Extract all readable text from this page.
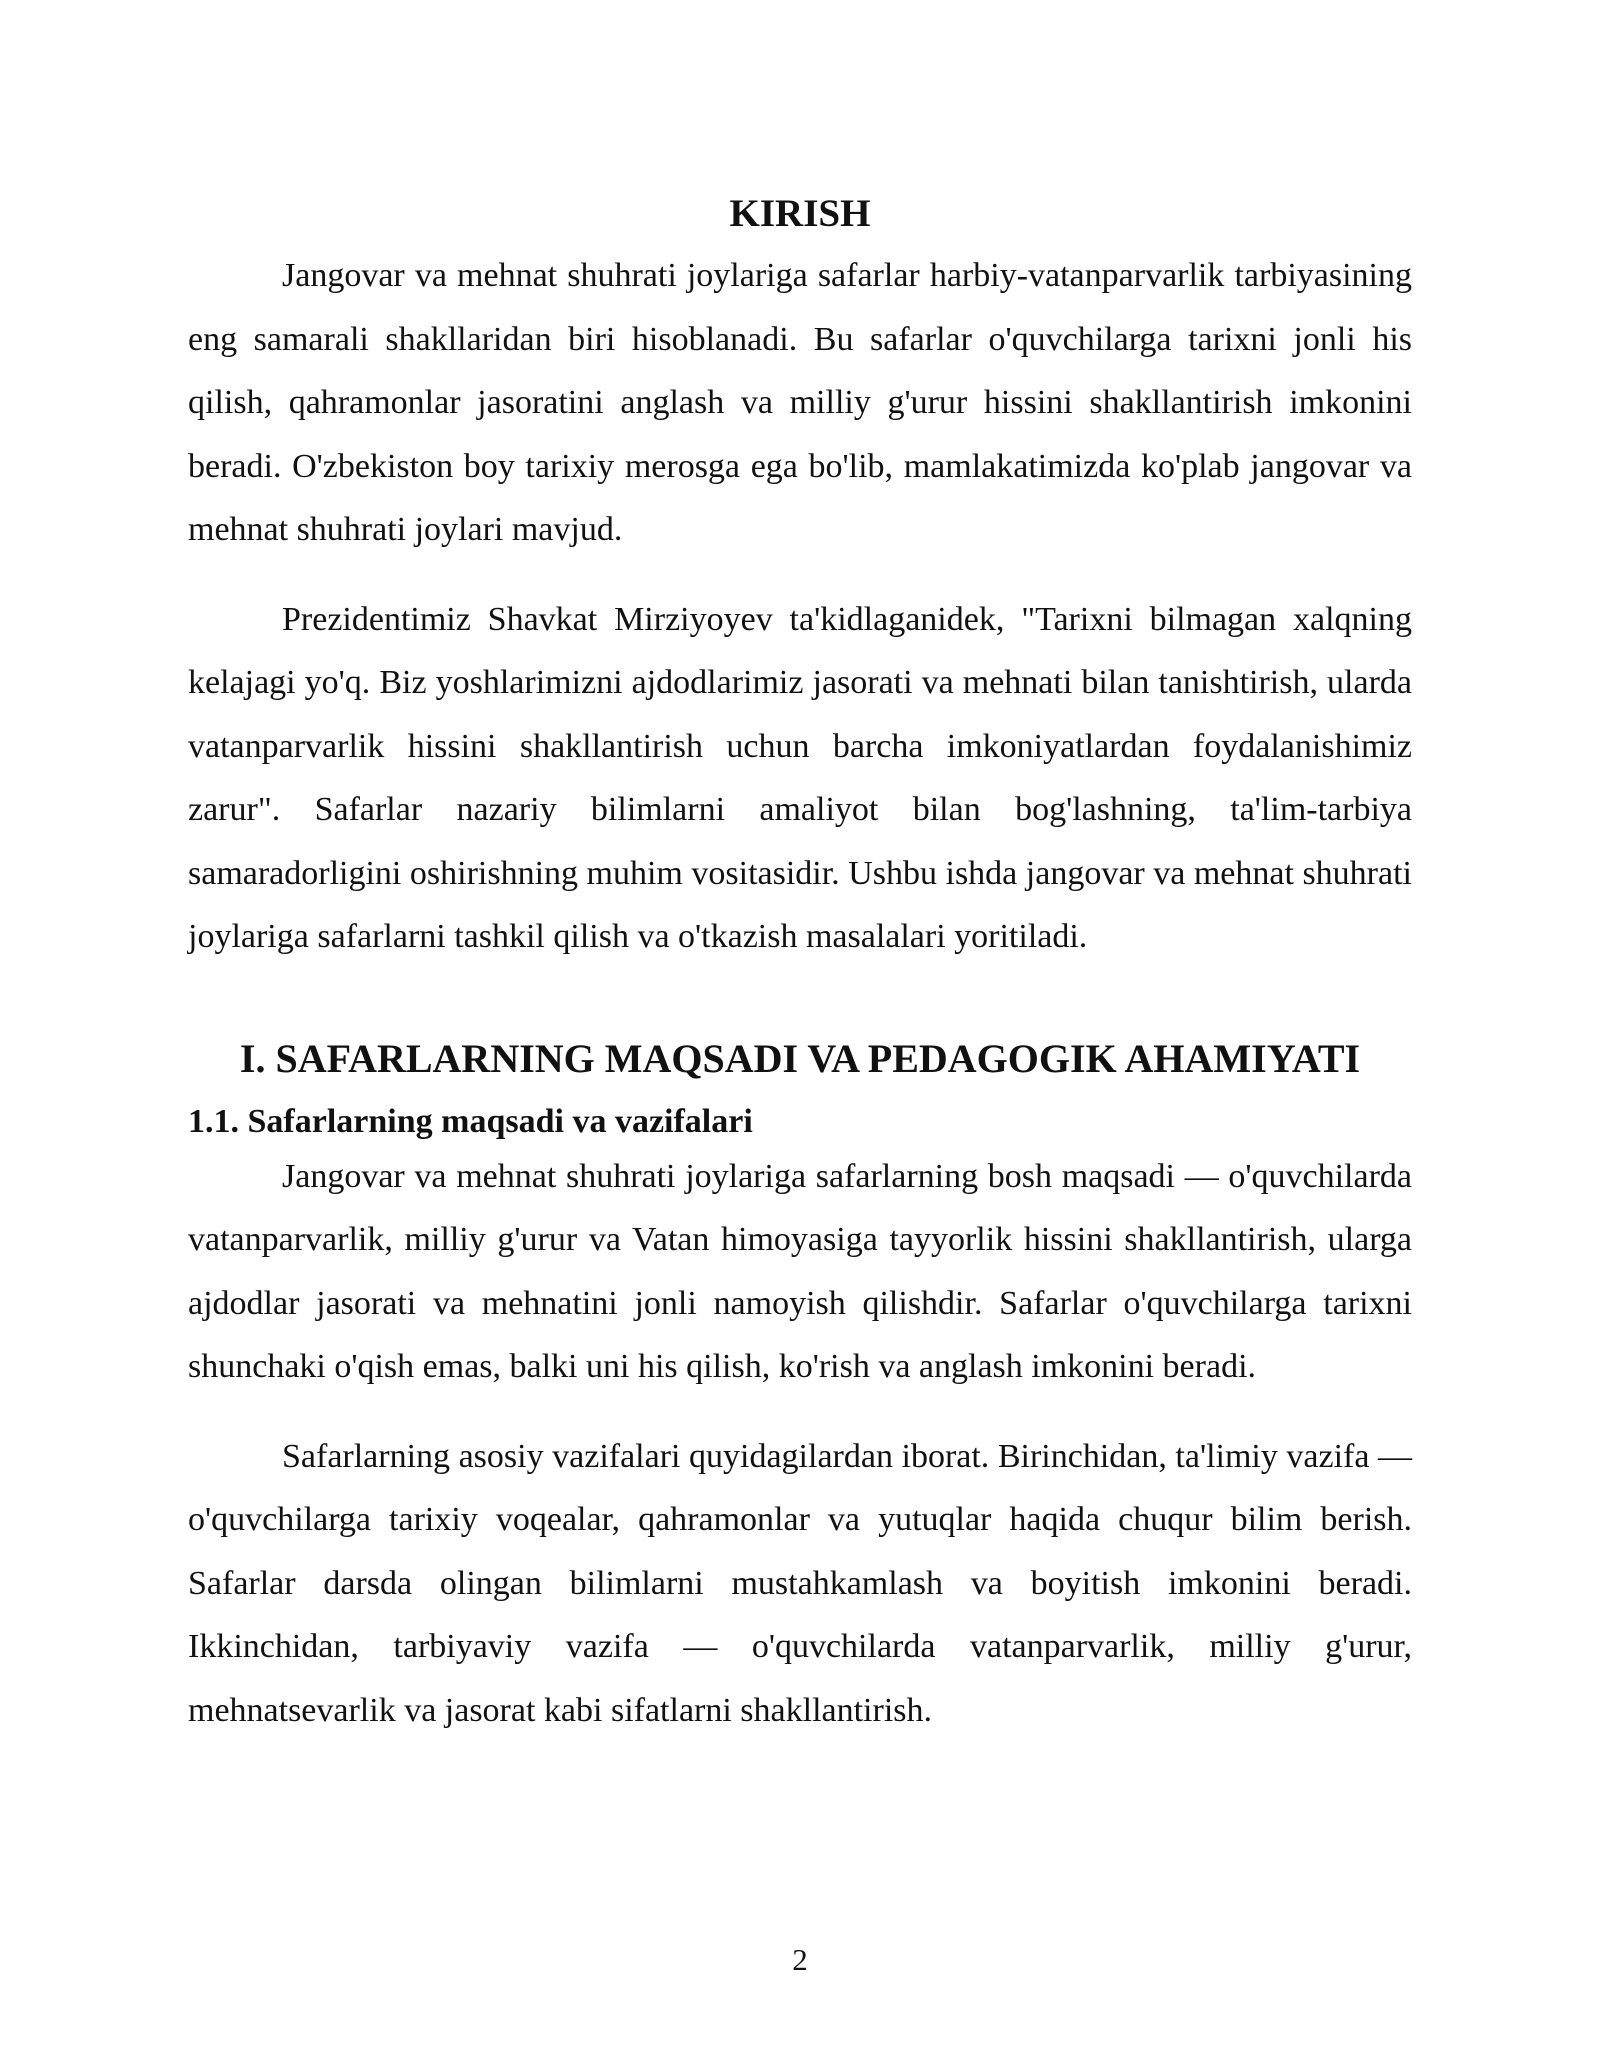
KIRISH

Jangovar va mehnat shuhrati joylariga safarlar harbiy-vatanparvarlik tarbiyasining eng samarali shakllaridan biri hisoblanadi. Bu safarlar o'quvchilarga tarixni jonli his qilish, qahramonlar jasoratini anglash va milliy g'urur hissini shakllantirish imkonini beradi. O'zbekiston boy tarixiy merosga ega bo'lib, mamlakatimizda ko'plab jangovar va mehnat shuhrati joylari mavjud.

Prezidentimiz Shavkat Mirziyoyev ta'kidlaganidek, "Tarixni bilmagan xalqning kelajagi yo'q. Biz yoshlarimizni ajdodlarimiz jasorati va mehnati bilan tanishtirish, ularda vatanparvarlik hissini shakllantirish uchun barcha imkoniyatlardan foydalanishimiz zarur". Safarlar nazariy bilimlarni amaliyot bilan bog'lashning, ta'lim-tarbiya samaradorligini oshirishning muhim vositasidir. Ushbu ishda jangovar va mehnat shuhrati joylariga safarlarni tashkil qilish va o'tkazish masalalari yoritiladi.

I. SAFARLARNING MAQSADI VA PEDAGOGIK AHAMIYATI
1.1. Safarlarning maqsadi va vazifalari

Jangovar va mehnat shuhrati joylariga safarlarning bosh maqsadi — o'quvchilarda vatanparvarlik, milliy g'urur va Vatan himoyasiga tayyorlik hissini shakllantirish, ularga ajdodlar jasorati va mehnatini jonli namoyish qilishdir. Safarlar o'quvchilarga tarixni shunchaki o'qish emas, balki uni his qilish, ko'rish va anglash imkonini beradi.

Safarlarning asosiy vazifalari quyidagilardan iborat. Birinchidan, ta'limiy vazifa — o'quvchilarga tarixiy voqealar, qahramonlar va yutuqlar haqida chuqur bilim berish. Safarlar darsda olingan bilimlarni mustahkamlash va boyitish imkonini beradi. Ikkinchidan, tarbiyaviy vazifa — o'quvchilarda vatanparvarlik, milliy g'urur, mehnatsevarlik va jasorat kabi sifatlarni shakllantirish.

2
